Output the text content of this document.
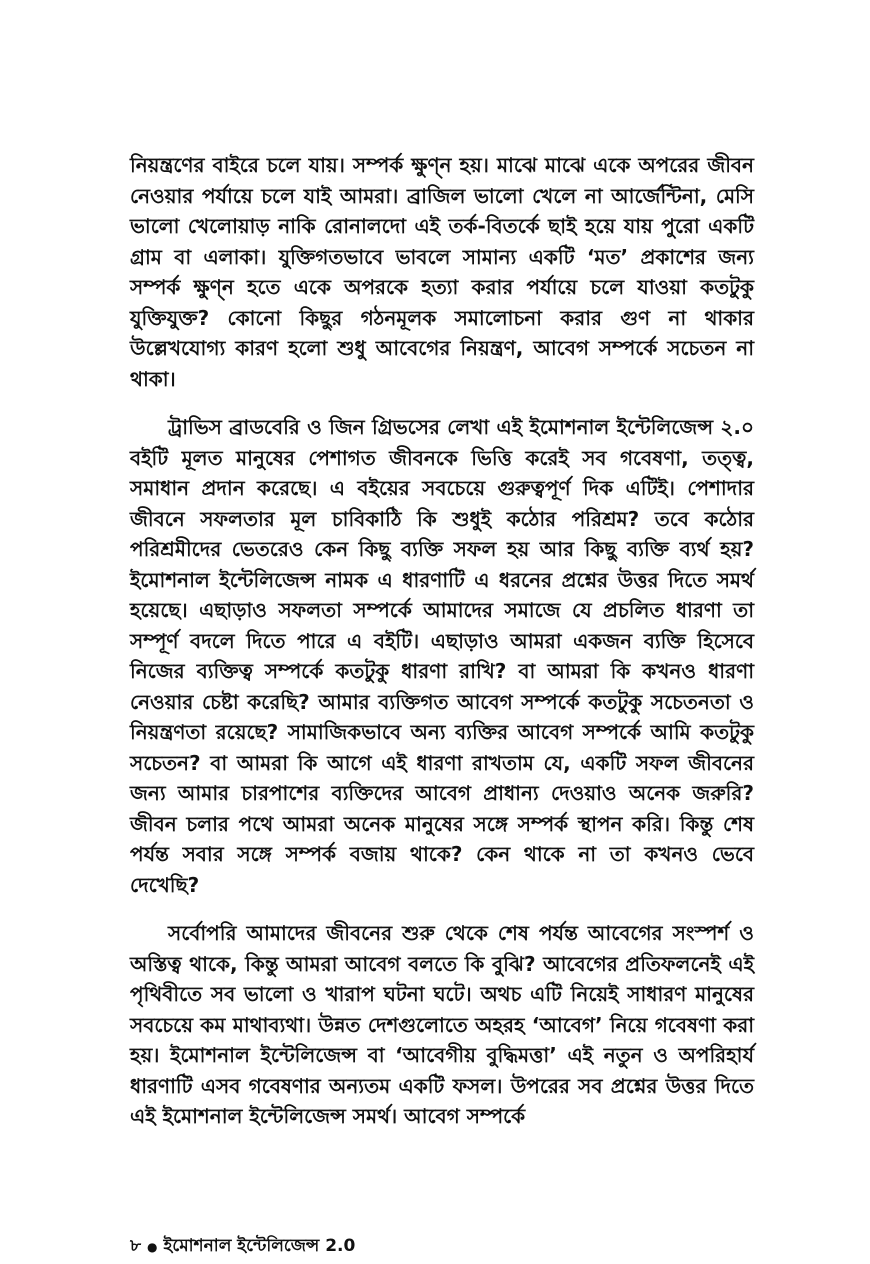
নিয়ন্ত্রণের বাইরে চলে যায়। সম্পর্ক ক্ষুণ্ন হয়। মাঝে মাঝে একে অপরের জীবন নেওয়ার পর্যায়ে চলে যাই আমরা। ব্রাজিল ভালো খেলে না আর্জেন্টিনা, মেসি ভালো খেলোয়াড় নাকি রোনালদো এই তর্ক-বিতর্কে ছাই হয়ে যায় পুরো একটি গ্রাম বা এলাকা। যুক্তিগতভাবে ভাবলে সামান্য একটি ‘মত’ প্রকাশের জন্য সম্পর্ক ক্ষুণ্ন হতে একে অপরকে হত্যা করার পর্যায়ে চলে যাওয়া কতটুকু যুক্তিযুক্ত? কোনো কিছুর গঠনমূলক সমালোচনা করার গুণ না থাকার উল্লেখযোগ্য কারণ হলো শুধু আবেগের নিয়ন্ত্রণ, আবেগ সম্পর্কে সচেতন না থাকা।

ট্রাভিস ব্রাডবেরি ও জিন গ্রিভসের লেখা এই ইমোশনাল ইন্টেলিজেন্স ২.০ বইটি মূলত মানুষের পেশাগত জীবনকে ভিত্তি করেই সব গবেষণা, তত্ত্ব, সমাধান প্রদান করেছে। এ বইয়ের সবচেয়ে গুরুত্বপূর্ণ দিক এটিই। পেশাদার জীবনে সফলতার মূল চাবিকাঠি কি শুধুই কঠোর পরিশ্রম? তবে কঠোর পরিশ্রমীদের ভেতরেও কেন কিছু ব্যক্তি সফল হয় আর কিছু ব্যক্তি ব্যর্থ হয়? ইমোশনাল ইন্টেলিজেন্স নামক এ ধারণাটি এ ধরনের প্রশ্নের উত্তর দিতে সমর্থ হয়েছে। এছাড়াও সফলতা সম্পর্কে আমাদের সমাজে যে প্রচলিত ধারণা তা সম্পূর্ণ বদলে দিতে পারে এ বইটি। এছাড়াও আমরা একজন ব্যক্তি হিসেবে নিজের ব্যক্তিত্ব সম্পর্কে কতটুকু ধারণা রাখি? বা আমরা কি কখনও ধারণা নেওয়ার চেষ্টা করেছি? আমার ব্যক্তিগত আবেগ সম্পর্কে কতটুকু সচেতনতা ও নিয়ন্ত্রণতা রয়েছে? সামাজিকভাবে অন্য ব্যক্তির আবেগ সম্পর্কে আমি কতটুকু সচেতন? বা আমরা কি আগে এই ধারণা রাখতাম যে, একটি সফল জীবনের জন্য আমার চারপাশের ব্যক্তিদের আবেগ প্রাধান্য দেওয়াও অনেক জরুরি? জীবন চলার পথে আমরা অনেক মানুষের সঙ্গে সম্পর্ক স্থাপন করি। কিন্তু শেষ পর্যন্ত সবার সঙ্গে সম্পর্ক বজায় থাকে? কেন থাকে না তা কখনও ভেবে দেখেছি?

সর্বোপরি আমাদের জীবনের শুরু থেকে শেষ পর্যন্ত আবেগের সংস্পর্শ ও অস্তিত্ব থাকে, কিন্তু আমরা আবেগ বলতে কি বুঝি? আবেগের প্রতিফলনেই এই পৃথিবীতে সব ভালো ও খারাপ ঘটনা ঘটে। অথচ এটি নিয়েই সাধারণ মানুষের সবচেয়ে কম মাথাব্যথা। উন্নত দেশগুলোতে অহরহ ‘আবেগ’ নিয়ে গবেষণা করা হয়। ইমোশনাল ইন্টেলিজেন্স বা ‘আবেগীয় বুদ্ধিমত্তা’ এই নতুন ও অপরিহার্য ধারণাটি এসব গবেষণার অন্যতম একটি ফসল। উপরের সব প্রশ্নের উত্তর দিতে এই ইমোশনাল ইন্টেলিজেন্স সমর্থ। আবেগ সম্পর্কে

৮ ● ইমোশনাল ইন্টেলিজেন্স 2.0
